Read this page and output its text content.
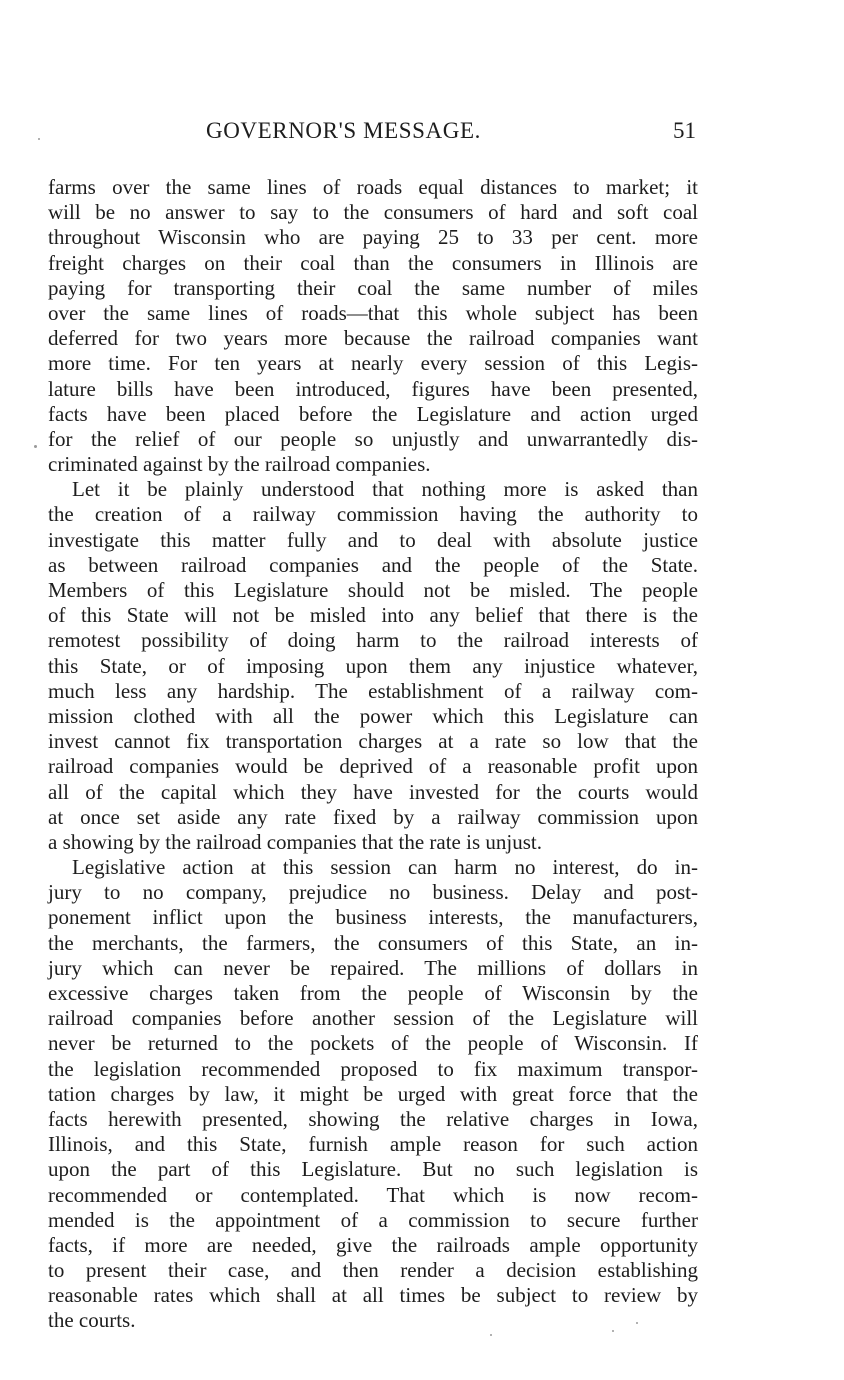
GOVERNOR'S MESSAGE.	51
farms over the same lines of roads equal distances to market; it
will be no answer to say to the consumers of hard and soft coal
throughout Wisconsin who are paying 25 to 33 per cent. more
freight charges on their coal than the consumers in Illinois are
paying for transporting their coal the same number of miles
over the same lines of roads—that this whole subject has been
deferred for two years more because the railroad companies want
more time. For ten years at nearly every session of this Legis-
lature bills have been introduced, figures have been presented,
facts have been placed before the Legislature and action urged
for the relief of our people so unjustly and unwarrantedly dis-
criminated against by the railroad companies.
Let it be plainly understood that nothing more is asked than
the creation of a railway commission having the authority to
investigate this matter fully and to deal with absolute justice
as between railroad companies and the people of the State.
Members of this Legislature should not be misled. The people
of this State will not be misled into any belief that there is the
remotest possibility of doing harm to the railroad interests of
this State, or of imposing upon them any injustice whatever,
much less any hardship. The establishment of a railway com-
mission clothed with all the power which this Legislature can
invest cannot fix transportation charges at a rate so low that the
railroad companies would be deprived of a reasonable profit upon
all of the capital which they have invested for the courts would
at once set aside any rate fixed by a railway commission upon
a showing by the railroad companies that the rate is unjust.
Legislative action at this session can harm no interest, do in-
jury to no company, prejudice no business. Delay and post-
ponement inflict upon the business interests, the manufacturers,
the merchants, the farmers, the consumers of this State, an in-
jury which can never be repaired. The millions of dollars in
excessive charges taken from the people of Wisconsin by the
railroad companies before another session of the Legislature will
never be returned to the pockets of the people of Wisconsin. If
the legislation recommended proposed to fix maximum transpor-
tation charges by law, it might be urged with great force that the
facts herewith presented, showing the relative charges in Iowa,
Illinois, and this State, furnish ample reason for such action
upon the part of this Legislature. But no such legislation is
recommended or contemplated. That which is now recom-
mended is the appointment of a commission to secure further
facts, if more are needed, give the railroads ample opportunity
to present their case, and then render a decision establishing
reasonable rates which shall at all times be subject to review by
the courts.
